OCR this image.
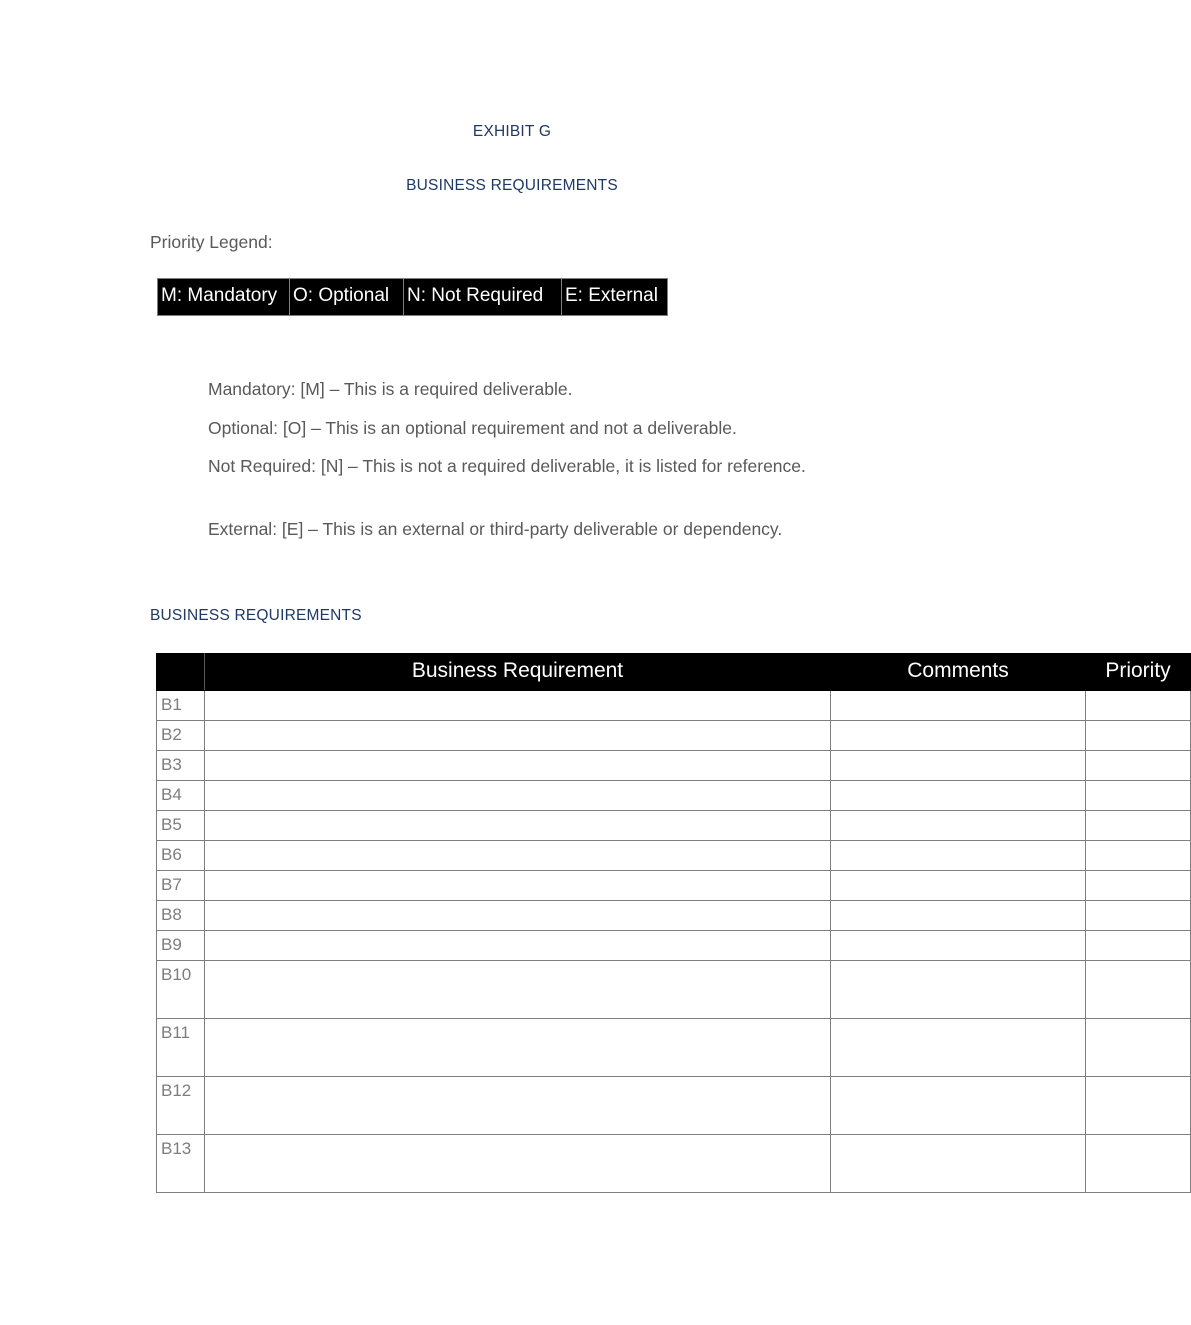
EXHIBIT G
BUSINESS REQUIREMENTS
Priority Legend:
M: Mandatory	O: Optional	N: Not Required	E: External
Mandatory: [M] – This is a required deliverable.
Optional: [O] – This is an optional requirement and not a deliverable.
Not Required: [N] – This is not a required deliverable, it is listed for reference.
External: [E] – This is an external or third-party deliverable or dependency.
BUSINESS REQUIREMENTS
	Business Requirement	Comments	Priority
B1			
B2			
B3			
B4			
B5			
B6			
B7			
B8			
B9			
B10			
B11			
B12			
B13			
